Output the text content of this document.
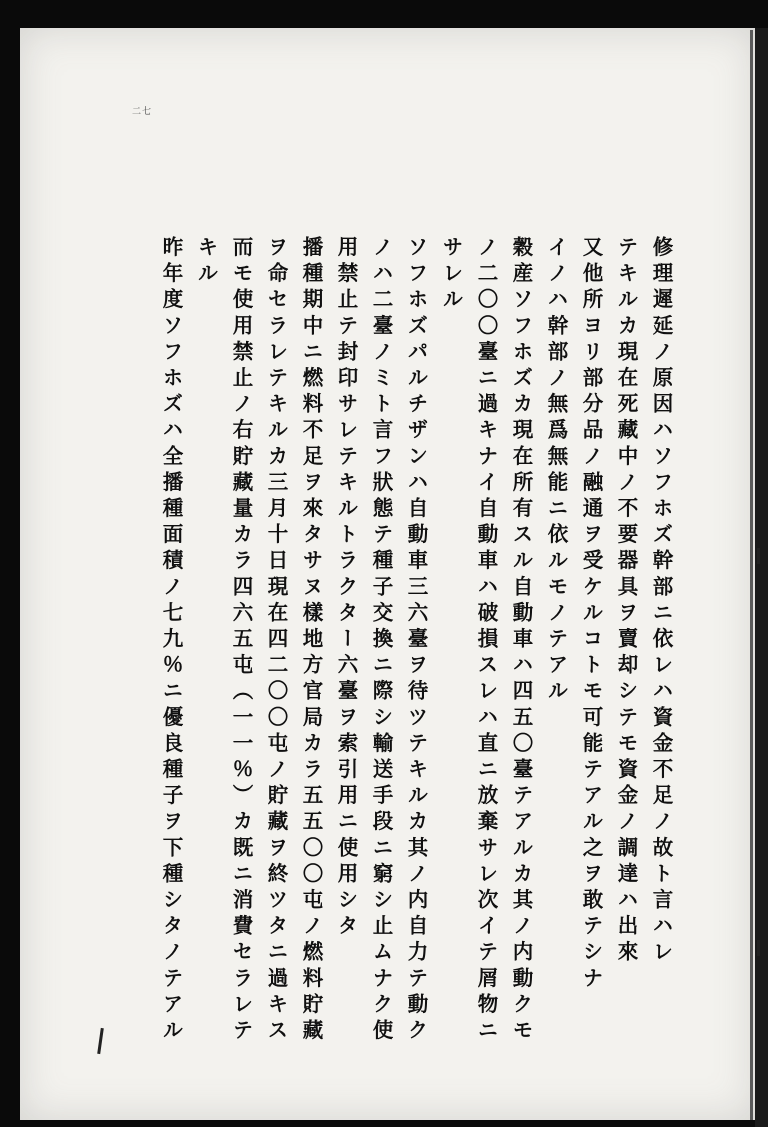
二七
修理遲延ノ原因ハソフホズ幹部ニ依レハ資金不足ノ故ト言ハレ
テキルカ現在死藏中ノ不要器具ヲ賣却シテモ資金ノ調達ハ出來
又他所ヨリ部分品ノ融通ヲ受ケルコトモ可能テアル之ヲ敢テシナ
イノハ幹部ノ無爲無能ニ依ルモノテアル
穀産ソフホズカ現在所有スル自動車ハ四五〇臺テアルカ其ノ内動クモ
ノ二〇〇臺ニ過キナイ自動車ハ破損スレハ直ニ放棄サレ次イテ屑物ニ
サレル
ソフホズパルチザンハ自動車三六臺ヲ待ツテキルカ其ノ内自力テ動ク
ノハ二臺ノミト言フ狀態テ種子交換ニ際シ輸送手段ニ窮シ止ムナク使
用禁止テ封印サレテキルトラクター六臺ヲ索引用ニ使用シタ
播種期中ニ燃料不足ヲ來タサヌ樣地方官局カラ五五〇〇屯ノ燃料貯藏
ヲ命セラレテキルカ三月十日現在四二〇〇屯ノ貯藏ヲ終ツタニ過キス
而モ使用禁止ノ右貯藏量カラ四六五屯（一一％）カ既ニ消費セラレテ
キル
昨年度ソフホズハ全播種面積ノ七九％ニ優良種子ヲ下種シタノテアル
